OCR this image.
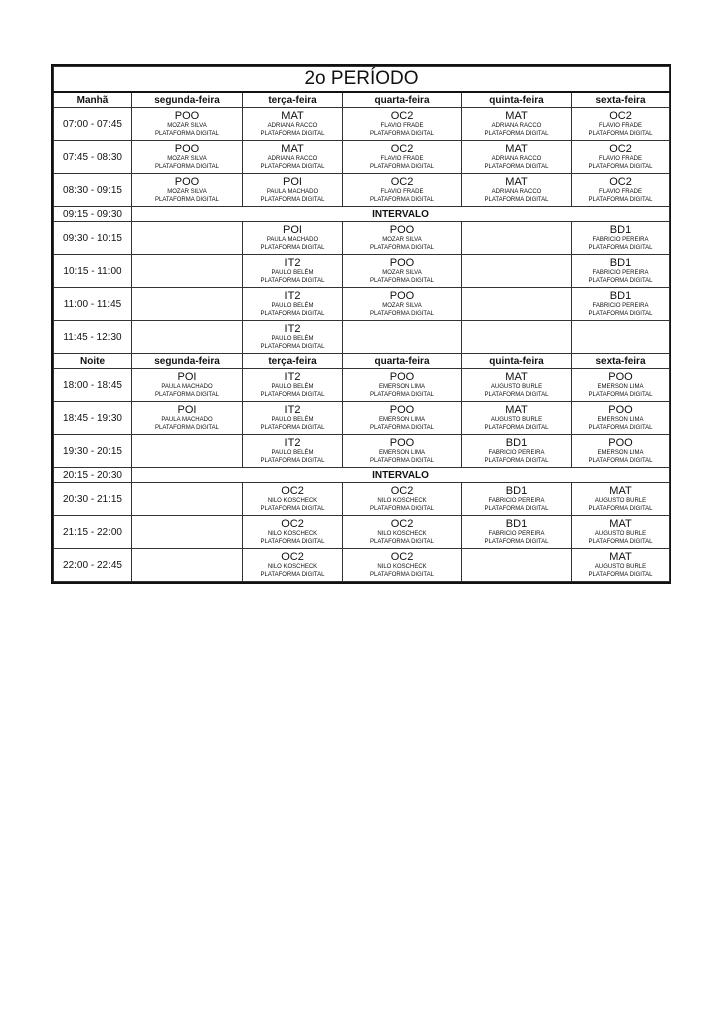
2o PERÍODO					
Manhã	segunda-feira	terça-feira	quarta-feira	quinta-feira	sexta-feira
07:00 - 07:45	POO
MOZAR SILVA
PLATAFORMA DIGITAL	MAT
ADRIANA RACCO
PLATAFORMA DIGITAL	OC2
FLAVIO FRADE
PLATAFORMA DIGITAL	MAT
ADRIANA RACCO
PLATAFORMA DIGITAL	OC2
FLAVIO FRADE
PLATAFORMA DIGITAL

07:45 - 08:30	POO
MOZAR SILVA
PLATAFORMA DIGITAL	MAT
ADRIANA RACCO
PLATAFORMA DIGITAL	OC2
FLAVIO FRADE
PLATAFORMA DIGITAL	MAT
ADRIANA RACCO
PLATAFORMA DIGITAL	OC2
FLAVIO FRADE
PLATAFORMA DIGITAL

08:30 - 09:15	POO
MOZAR SILVA
PLATAFORMA DIGITAL	POI
PAULA MACHADO
PLATAFORMA DIGITAL	OC2
FLAVIO FRADE
PLATAFORMA DIGITAL	MAT
ADRIANA RACCO
PLATAFORMA DIGITAL	OC2
FLAVIO FRADE
PLATAFORMA DIGITAL

09:15 - 09:30	INTERVALO				
09:30 - 10:15		POI
PAULA MACHADO
PLATAFORMA DIGITAL	POO
MOZAR SILVA
PLATAFORMA DIGITAL		BD1
FABRICIO PEREIRA
PLATAFORMA DIGITAL

10:15 - 11:00		IT2
PAULO BELÉM
PLATAFORMA DIGITAL	POO
MOZAR SILVA
PLATAFORMA DIGITAL		BD1
FABRICIO PEREIRA
PLATAFORMA DIGITAL

11:00 - 11:45		IT2
PAULO BELÉM
PLATAFORMA DIGITAL	POO
MOZAR SILVA
PLATAFORMA DIGITAL		BD1
FABRICIO PEREIRA
PLATAFORMA DIGITAL

11:45 - 12:30		IT2
PAULO BELÉM
PLATAFORMA DIGITAL			

Noite	segunda-feira	terça-feira	quarta-feira	quinta-feira	sexta-feira
18:00 - 18:45	POI
PAULA MACHADO
PLATAFORMA DIGITAL	IT2
PAULO BELÉM
PLATAFORMA DIGITAL	POO
EMERSON LIMA
PLATAFORMA DIGITAL	MAT
AUGUSTO BURLE
PLATAFORMA DIGITAL	POO
EMERSON LIMA
PLATAFORMA DIGITAL

18:45 - 19:30	POI
PAULA MACHADO
PLATAFORMA DIGITAL	IT2
PAULO BELÉM
PLATAFORMA DIGITAL	POO
EMERSON LIMA
PLATAFORMA DIGITAL	MAT
AUGUSTO BURLE
PLATAFORMA DIGITAL	POO
EMERSON LIMA
PLATAFORMA DIGITAL

19:30 - 20:15		IT2
PAULO BELÉM
PLATAFORMA DIGITAL	POO
EMERSON LIMA
PLATAFORMA DIGITAL	BD1
FABRICIO PEREIRA
PLATAFORMA DIGITAL	POO
EMERSON LIMA
PLATAFORMA DIGITAL

20:15 - 20:30	INTERVALO				
20:30 - 21:15		OC2
NILO KOSCHECK
PLATAFORMA DIGITAL	OC2
NILO KOSCHECK
PLATAFORMA DIGITAL	BD1
FABRICIO PEREIRA
PLATAFORMA DIGITAL	MAT
AUGUSTO BURLE
PLATAFORMA DIGITAL

21:15 - 22:00		OC2
NILO KOSCHECK
PLATAFORMA DIGITAL	OC2
NILO KOSCHECK
PLATAFORMA DIGITAL	BD1
FABRICIO PEREIRA
PLATAFORMA DIGITAL	MAT
AUGUSTO BURLE
PLATAFORMA DIGITAL

22:00 - 22:45		OC2
NILO KOSCHECK
PLATAFORMA DIGITAL	OC2
NILO KOSCHECK
PLATAFORMA DIGITAL		MAT
AUGUSTO BURLE
PLATAFORMA DIGITAL
